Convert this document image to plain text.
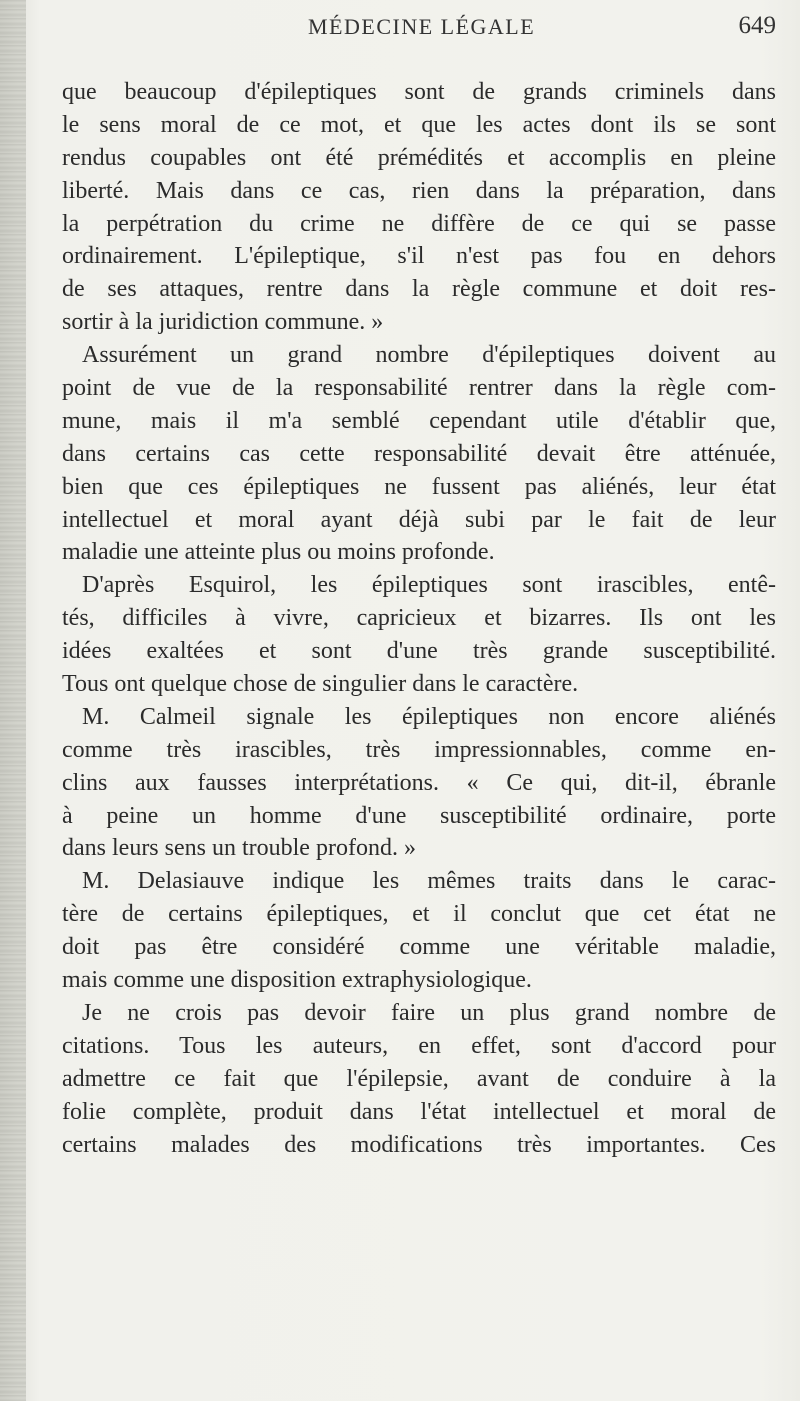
MÉDECINE LÉGALE	649
que beaucoup d'épileptiques sont de grands criminels dans
le sens moral de ce mot, et que les actes dont ils se sont
rendus coupables ont été prémédités et accomplis en pleine
liberté. Mais dans ce cas, rien dans la préparation, dans
la perpétration du crime ne diffère de ce qui se passe
ordinairement. L'épileptique, s'il n'est pas fou en dehors
de ses attaques, rentre dans la règle commune et doit res-
sortir à la juridiction commune. »
Assurément un grand nombre d'épileptiques doivent au
point de vue de la responsabilité rentrer dans la règle com-
mune, mais il m'a semblé cependant utile d'établir que,
dans certains cas cette responsabilité devait être atténuée,
bien que ces épileptiques ne fussent pas aliénés, leur état
intellectuel et moral ayant déjà subi par le fait de leur
maladie une atteinte plus ou moins profonde.
D'après Esquirol, les épileptiques sont irascibles, entê-
tés, difficiles à vivre, capricieux et bizarres. Ils ont les
idées exaltées et sont d'une très grande susceptibilité.
Tous ont quelque chose de singulier dans le caractère.
M. Calmeil signale les épileptiques non encore aliénés
comme très irascibles, très impressionnables, comme en-
clins aux fausses interprétations. « Ce qui, dit-il, ébranle
à peine un homme d'une susceptibilité ordinaire, porte
dans leurs sens un trouble profond. »
M. Delasiauve indique les mêmes traits dans le carac-
tère de certains épileptiques, et il conclut que cet état ne
doit pas être considéré comme une véritable maladie,
mais comme une disposition extraphysiologique.
Je ne crois pas devoir faire un plus grand nombre de
citations. Tous les auteurs, en effet, sont d'accord pour
admettre ce fait que l'épilepsie, avant de conduire à la
folie complète, produit dans l'état intellectuel et moral de
certains malades des modifications très importantes. Ces
